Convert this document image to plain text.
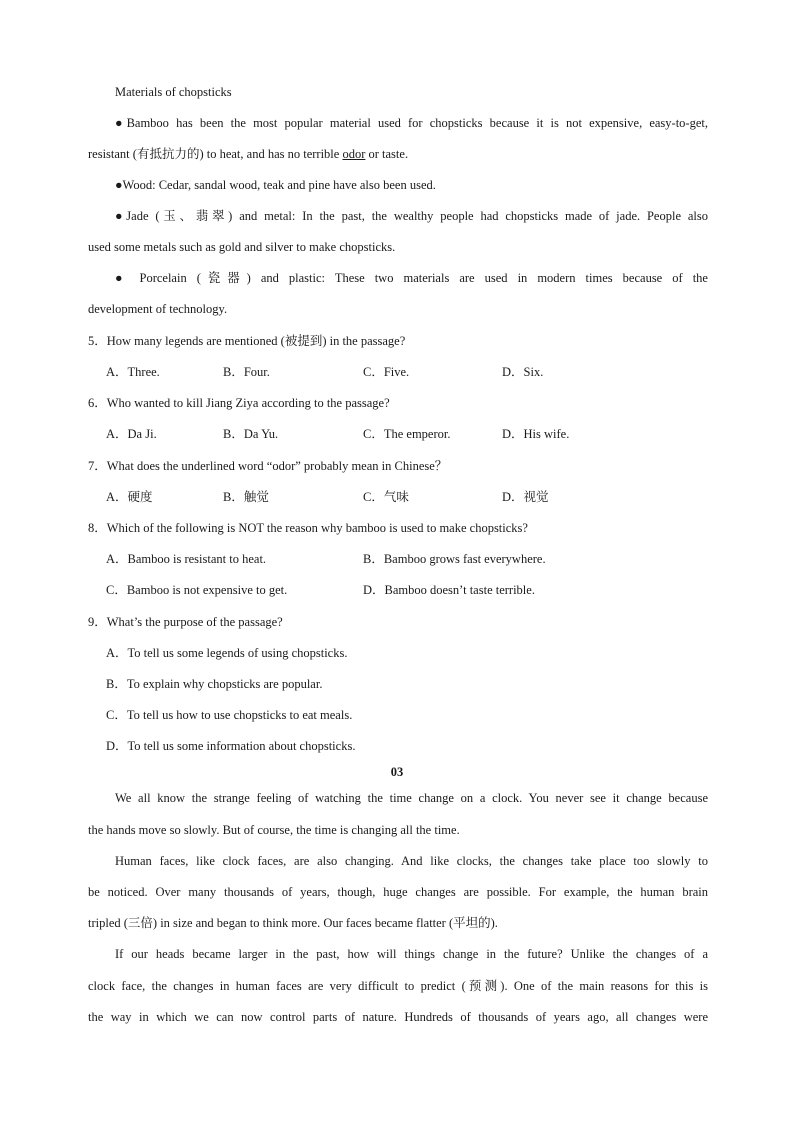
Materials of chopsticks
●Bamboo has been the most popular material used for chopsticks because it is not expensive, easy-to-get,
resistant (有抵抗力的) to heat, and has no terrible odor or taste.
●Wood: Cedar, sandal wood, teak and pine have also been used.
●Jade (玉、翡翠) and metal: In the past, the wealthy people had chopsticks made of jade. People also
used some metals such as gold and silver to make chopsticks.
● Porcelain (瓷器) and plastic: These two materials are used in modern times because of the
development of technology.
5．How many legends are mentioned (被提到) in the passage?
A．Three.	B．Four.	C．Five.	D．Six.
6．Who wanted to kill Jiang Ziya according to the passage?
A．Da Ji.	B．Da Yu.	C．The emperor.	D．His wife.
7．What does the underlined word “odor” probably mean in Chinese？
A．硬度	B．触觉	C．气味	D．视觉
8．Which of the following is NOT the reason why bamboo is used to make chopsticks?
A．Bamboo is resistant to heat.	B．Bamboo grows fast everywhere.
C．Bamboo is not expensive to get.	D．Bamboo doesn’t taste terrible.
9．What’s the purpose of the passage?
A．To tell us some legends of using chopsticks.
B．To explain why chopsticks are popular.
C．To tell us how to use chopsticks to eat meals.
D．To tell us some information about chopsticks.
03
We all know the strange feeling of watching the time change on a clock. You never see it change because
the hands move so slowly. But of course, the time is changing all the time.
Human faces, like clock faces, are also changing. And like clocks, the changes take place too slowly to
be noticed. Over many thousands of years, though, huge changes are possible. For example, the human brain
tripled (三倍) in size and began to think more. Our faces became flatter (平坦的).
If our heads became larger in the past, how will things change in the future? Unlike the changes of a
clock face, the changes in human faces are very difficult to predict (预测). One of the main reasons for this is
the way in which we can now control parts of nature. Hundreds of thousands of years ago, all changes were
